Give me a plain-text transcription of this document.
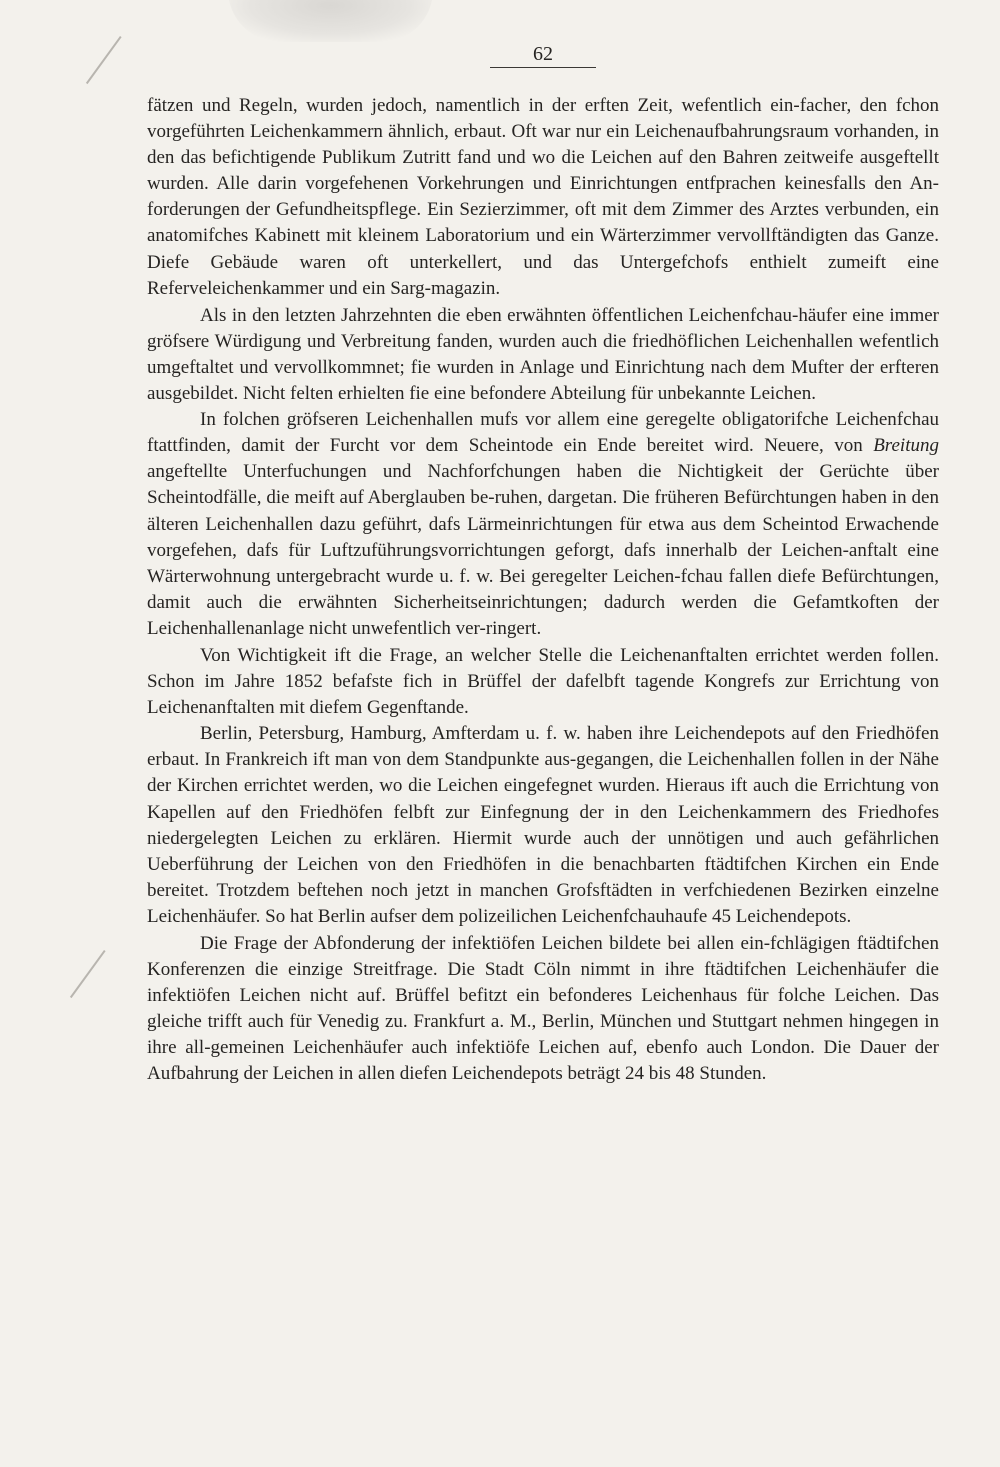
62

fätzen und Regeln, wurden jedoch, namentlich in der erften Zeit, wefentlich ein-facher, den fchon vorgeführten Leichenkammern ähnlich, erbaut. Oft war nur ein Leichenaufbahrungsraum vorhanden, in den das befichtigende Publikum Zutritt fand und wo die Leichen auf den Bahren zeitweife ausgeftellt wurden. Alle darin vorgefehenen Vorkehrungen und Einrichtungen entfprachen keinesfalls den An-forderungen der Gefundheitspflege. Ein Sezierzimmer, oft mit dem Zimmer des Arztes verbunden, ein anatomifches Kabinett mit kleinem Laboratorium und ein Wärterzimmer vervollftändigten das Ganze. Diefe Gebäude waren oft unterkellert, und das Untergefchofs enthielt zumeift eine Referveleichenkammer und ein Sarg-magazin.

Als in den letzten Jahrzehnten die eben erwähnten öffentlichen Leichenfchau-häufer eine immer gröfsere Würdigung und Verbreitung fanden, wurden auch die friedhöflichen Leichenhallen wefentlich umgeftaltet und vervollkommnet; fie wurden in Anlage und Einrichtung nach dem Mufter der erfteren ausgebildet. Nicht felten erhielten fie eine befondere Abteilung für unbekannte Leichen.

In folchen gröfseren Leichenhallen mufs vor allem eine geregelte obligatorifche Leichenfchau ftattfinden, damit der Furcht vor dem Scheintode ein Ende bereitet wird. Neuere, von Breitung angeftellte Unterfuchungen und Nachforfchungen haben die Nichtigkeit der Gerüchte über Scheintodfälle, die meift auf Aberglauben be-ruhen, dargetan. Die früheren Befürchtungen haben in den älteren Leichenhallen dazu geführt, dafs Lärmeinrichtungen für etwa aus dem Scheintod Erwachende vorgefehen, dafs für Luftzuführungsvorrichtungen geforgt, dafs innerhalb der Leichen-anftalt eine Wärterwohnung untergebracht wurde u. f. w. Bei geregelter Leichen-fchau fallen diefe Befürchtungen, damit auch die erwähnten Sicherheitseinrichtungen; dadurch werden die Gefamtkoften der Leichenhallenanlage nicht unwefentlich ver-ringert.

Von Wichtigkeit ift die Frage, an welcher Stelle die Leichenanftalten errichtet werden follen. Schon im Jahre 1852 befafste fich in Brüffel der dafelbft tagende Kongrefs zur Errichtung von Leichenanftalten mit diefem Gegenftande.

Berlin, Petersburg, Hamburg, Amfterdam u. f. w. haben ihre Leichendepots auf den Friedhöfen erbaut. In Frankreich ift man von dem Standpunkte aus-gegangen, die Leichenhallen follen in der Nähe der Kirchen errichtet werden, wo die Leichen eingefegnet wurden. Hieraus ift auch die Errichtung von Kapellen auf den Friedhöfen felbft zur Einfegnung der in den Leichenkammern des Friedhofes niedergelegten Leichen zu erklären. Hiermit wurde auch der unnötigen und auch gefährlichen Ueberführung der Leichen von den Friedhöfen in die benachbarten ftädtifchen Kirchen ein Ende bereitet. Trotzdem beftehen noch jetzt in manchen Grofsftädten in verfchiedenen Bezirken einzelne Leichenhäufer. So hat Berlin aufser dem polizeilichen Leichenfchauhaufe 45 Leichendepots.

Die Frage der Abfonderung der infektiöfen Leichen bildete bei allen ein-fchlägigen ftädtifchen Konferenzen die einzige Streitfrage. Die Stadt Cöln nimmt in ihre ftädtifchen Leichenhäufer die infektiöfen Leichen nicht auf. Brüffel befitzt ein befonderes Leichenhaus für folche Leichen. Das gleiche trifft auch für Venedig zu. Frankfurt a. M., Berlin, München und Stuttgart nehmen hingegen in ihre all-gemeinen Leichenhäufer auch infektiöfe Leichen auf, ebenfo auch London. Die Dauer der Aufbahrung der Leichen in allen diefen Leichendepots beträgt 24 bis 48 Stunden.
